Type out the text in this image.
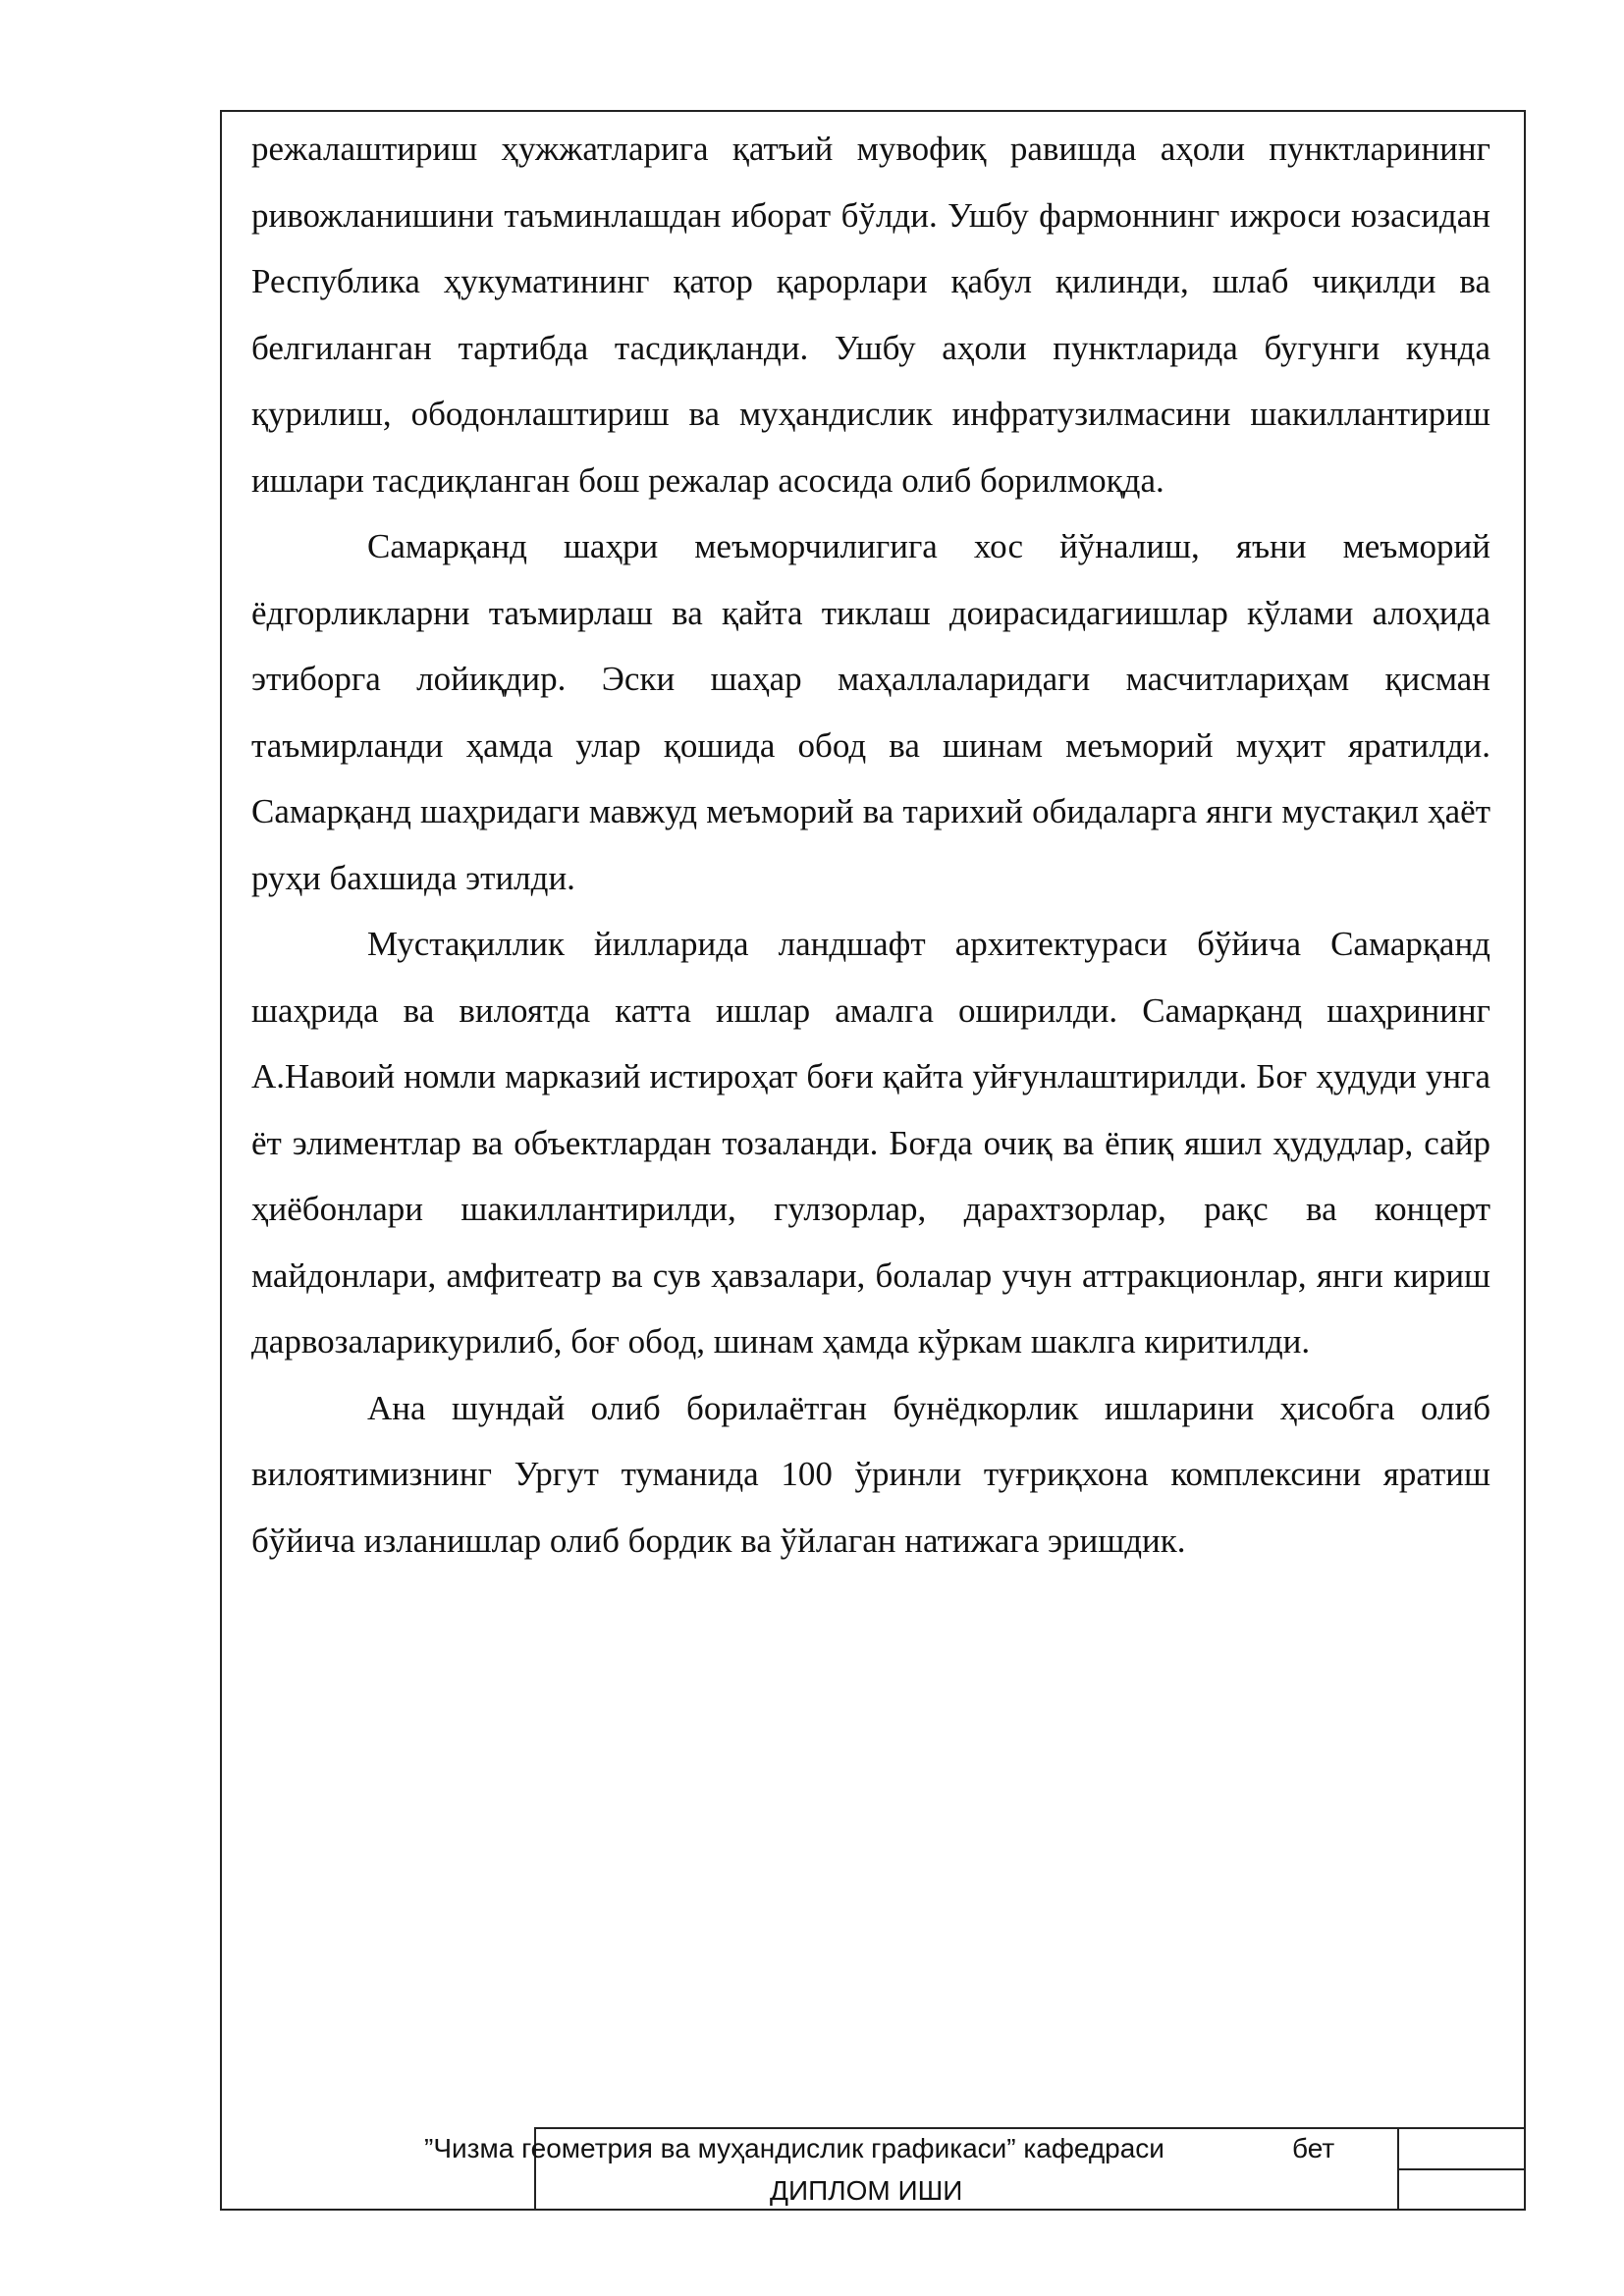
режалаштириш ҳужжатларига қатъий мувофиқ равишда аҳоли пунктларининг ривожланишини таъминлашдан иборат бўлди. Ушбу фармоннинг ижроси юзасидан Республика ҳукуматининг қатор қарорлари қабул қилинди, шлаб чиқилди ва белгиланган тартибда тасдиқланди. Ушбу аҳоли пунктларида бугунги кунда қурилиш, ободонлаштириш ва муҳандислик инфратузилмасини шакиллантириш ишлари тасдиқланган бош режалар асосида олиб борилмоқда.

Самарқанд шаҳри меъморчилигига хос йўналиш, яъни меъморий ёдгорликларни таъмирлаш ва қайта тиклаш доирасидагиишлар кўлами алоҳида этиборга лойиқдир. Эски шаҳар маҳаллаларидаги масчитлариҳам қисман таъмирланди ҳамда улар қошида обод ва шинам меъморий муҳит яратилди. Самарқанд шаҳридаги мавжуд меъморий ва тарихий обидаларга янги мустақил ҳаёт руҳи бахшида этилди.

Мустақиллик йилларида ландшафт архитектураси бўйича Самарқанд шаҳрида ва вилоятда катта ишлар амалга оширилди. Самарқанд шаҳрининг А.Навоий номли марказий истироҳат боғи қайта уйғунлаштирилди. Боғ ҳудуди унга ёт элиментлар ва объектлардан тозаланди. Боғда очиқ ва ёпиқ яшил ҳудудлар, сайр ҳиёбонлари шакиллантирилди, гулзорлар, дарахтзорлар, рақс ва концерт майдонлари, амфитеатр ва сув ҳавзалари, болалар учун аттракционлар, янги кириш дарвозаларикурилиб, боғ обод, шинам ҳамда кўркам шаклга киритилди.

Ана шундай олиб борилаётган бунёдкорлик ишларини ҳисобга олиб вилоятимизнинг Ургут туманида 100 ўринли туғриқхона комплексини яратиш бўйича изланишлар олиб бордик ва ўйлаган натижага эришдик.

”Чизма геометрия ва муҳандислик графикаси” кафедраси	бет
ДИПЛОМ ИШИ
